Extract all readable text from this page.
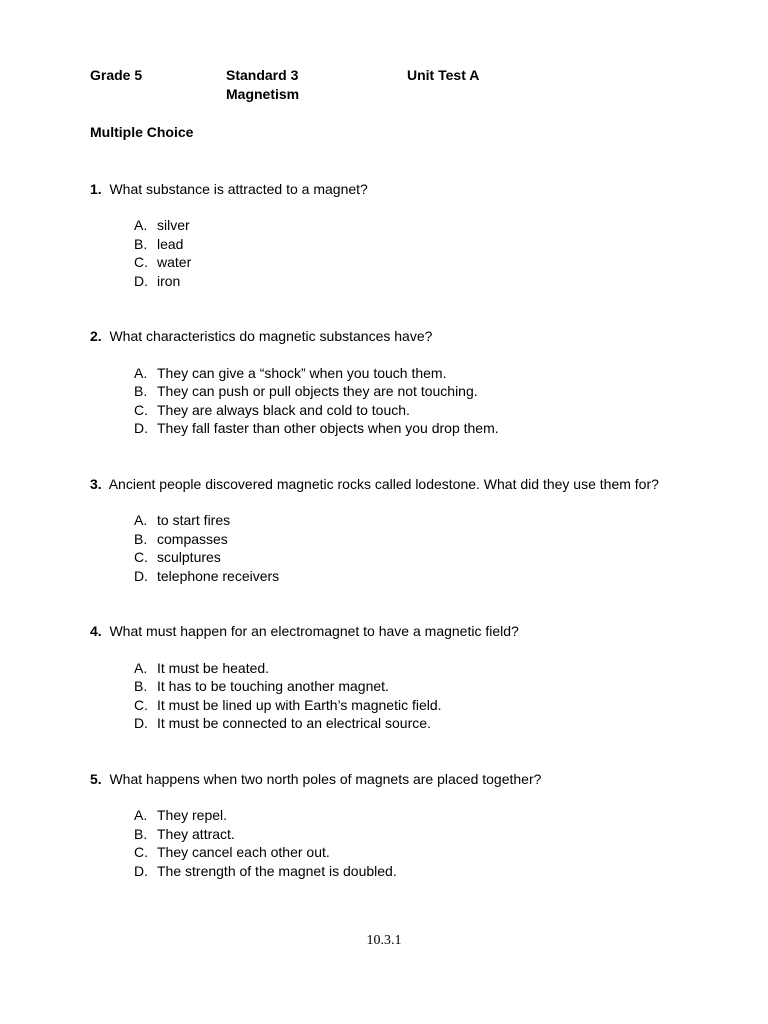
Grade 5	Standard 3
Magnetism
Unit Test A
Multiple Choice
1. What substance is attracted to a magnet?
A. silver
B. lead
C. water
D. iron
2. What characteristics do magnetic substances have?
A. They can give a “shock” when you touch them.
B. They can push or pull objects they are not touching.
C. They are always black and cold to touch.
D. They fall faster than other objects when you drop them.
3. Ancient people discovered magnetic rocks called lodestone. What did they use them for?
A. to start fires
B. compasses
C. sculptures
D. telephone receivers
4. What must happen for an electromagnet to have a magnetic field?
A. It must be heated.
B. It has to be touching another magnet.
C. It must be lined up with Earth’s magnetic field.
D. It must be connected to an electrical source.
5. What happens when two north poles of magnets are placed together?
A. They repel.
B. They attract.
C. They cancel each other out.
D. The strength of the magnet is doubled.
10.3.1
